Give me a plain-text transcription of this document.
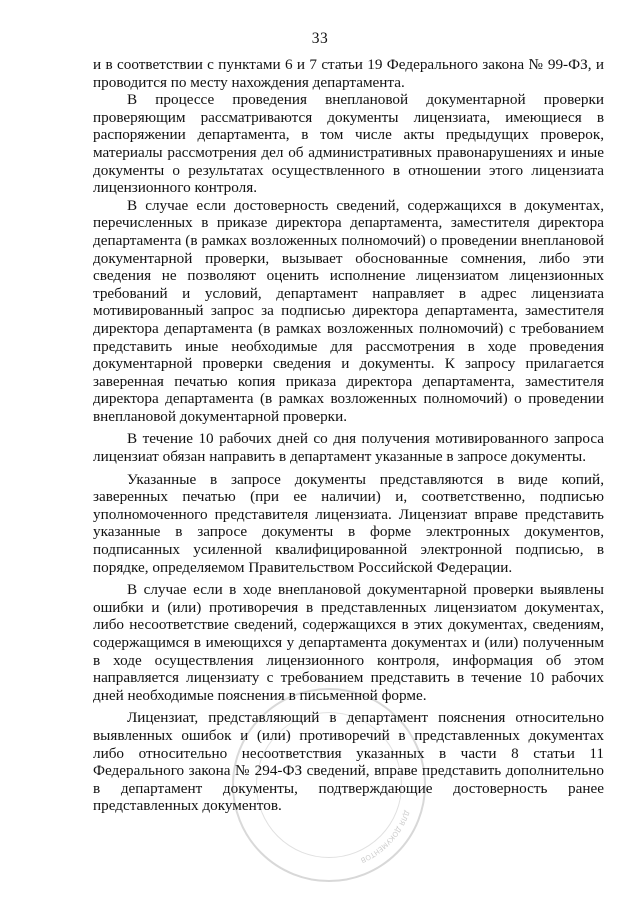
33

и в соответствии с пунктами 6 и 7 статьи 19 Федерального закона № 99-ФЗ, и проводится по месту нахождения департамента.

В процессе проведения внеплановой документарной проверки проверяющим рассматриваются документы лицензиата, имеющиеся в распоряжении департамента, в том числе акты предыдущих проверок, материалы рассмотрения дел об административных правонарушениях и иные документы о результатах осуществленного в отношении этого лицензиата лицензионного контроля.

В случае если достоверность сведений, содержащихся в документах, перечисленных в приказе директора департамента, заместителя директора департамента (в рамках возложенных полномочий) о проведении внеплановой документарной проверки, вызывает обоснованные сомнения, либо эти сведения не позволяют оценить исполнение лицензиатом лицензионных требований и условий, департамент направляет в адрес лицензиата мотивированный запрос за подписью директора департамента, заместителя директора департамента (в рамках возложенных полномочий) с требованием представить иные необходимые для рассмотрения в ходе проведения документарной проверки сведения и документы. К запросу прилагается заверенная печатью копия приказа директора департамента, заместителя директора департамента (в рамках возложенных полномочий) о проведении внеплановой документарной проверки.

В течение 10 рабочих дней со дня получения мотивированного запроса лицензиат обязан направить в департамент указанные в запросе документы.

Указанные в запросе документы представляются в виде копий, заверенных печатью (при ее наличии) и, соответственно, подписью уполномоченного представителя лицензиата. Лицензиат вправе представить указанные в запросе документы в форме электронных документов, подписанных усиленной квалифицированной электронной подписью, в порядке, определяемом Правительством Российской Федерации.

В случае если в ходе внеплановой документарной проверки выявлены ошибки и (или) противоречия в представленных лицензиатом документах, либо несоответствие сведений, содержащихся в этих документах, сведениям, содержащимся в имеющихся у департамента документах и (или) полученным в ходе осуществления лицензионного контроля, информация об этом направляется лицензиату с требованием представить в течение 10 рабочих дней необходимые пояснения в письменной форме.

Лицензиат, представляющий в департамент пояснения относительно выявленных ошибок и (или) противоречий в представленных документах либо относительно несоответствия указанных в части 8 статьи 11 Федерального закона № 294-ФЗ сведений, вправе представить дополнительно в департамент документы, подтверждающие достоверность ранее представленных документов.	ДЛЯ ДОКУМЕНТОВ
